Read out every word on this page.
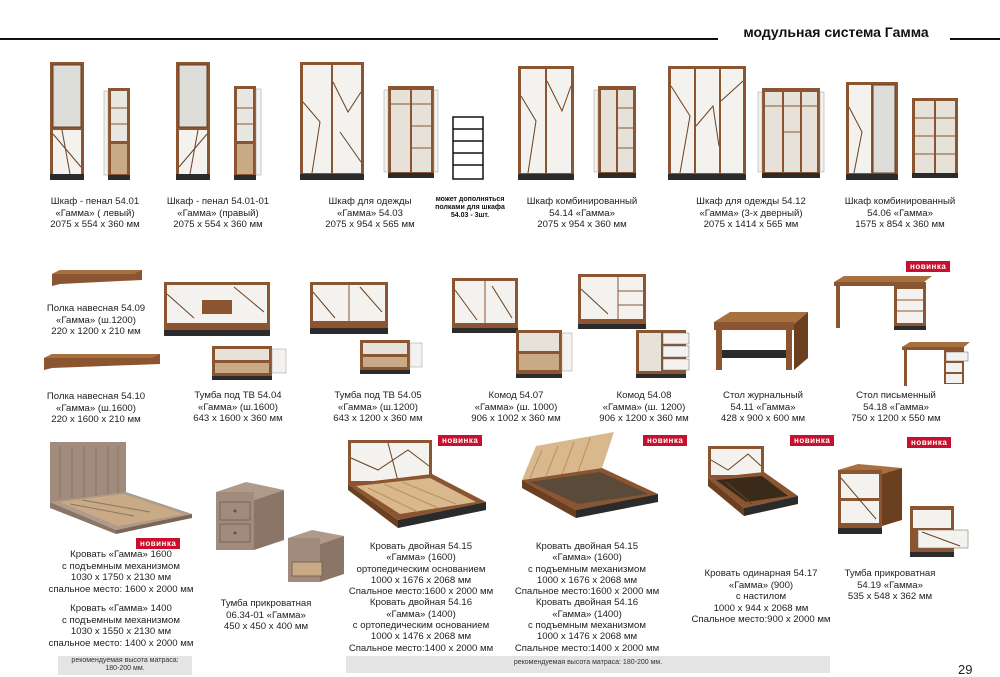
модульная система Гамма
Шкаф - пенал 54.01
«Гамма» ( левый)
2075 x 554 x 360 мм
Шкаф - пенал 54.01-01
«Гамма» (правый)
2075 x 554 x 360 мм
Шкаф для одежды
«Гамма» 54.03
2075 x 954 x 565 мм
может дополняться
полками для шкафа
54.03 - 3шт.
Шкаф комбинированный
54.14 «Гамма»
2075 x 954 x 360 мм
Шкаф для одежды 54.12
«Гамма» (3-х дверный)
2075 x 1414 x 565 мм
Шкаф комбинированный
54.06 «Гамма»
1575 x 854 x 360 мм
новинка
Полка навесная 54.09
«Гамма» (ш.1200)
220 x 1200 x 210 мм
Полка навесная 54.10
«Гамма» (ш.1600)
220 x 1600 x 210 мм
Тумба под ТВ 54.04
«Гамма» (ш.1600)
643 x 1600 x 360 мм
Тумба под ТВ 54.05
«Гамма» (ш.1200)
643 x 1200 x 360 мм
Комод 54.07
«Гамма» (ш. 1000)
906 x 1002 x 360 мм
Комод 54.08
«Гамма» (ш. 1200)
906 x 1200 x 360 мм
Стол журнальный
54.11 «Гамма»
428 x 900 x 600 мм
Стол письменный
54.18 «Гамма»
750 x 1200 x 550 мм
новинка
новинка	новинка	новинка	новинка
Кровать «Гамма» 1600
с подъемным механизмом
1030 x 1750 x 2130 мм
спальное место: 1600 x 2000 мм
Кровать «Гамма» 1400
с подъемным механизмом
1030 x 1550 x 2130 мм
спальное место: 1400 x 2000 мм
Тумба прикроватная
06.34-01 «Гамма»
450 x 450 x 400 мм
Кровать двойная 54.15
«Гамма» (1600)
ортопедическим основанием
1000 x 1676 x 2068 мм
Спальное место:1600 x 2000 мм
Кровать двойная 54.16
«Гамма» (1400)
с ортопедическим основанием
1000 x 1476 x 2068 мм
Спальное место:1400 x 2000 мм
Кровать двойная 54.15
«Гамма» (1600)
с подъемным механизмом
1000 x 1676 x 2068 мм
Спальное место:1600 x 2000 мм
Кровать двойная 54.16
«Гамма» (1400)
с подъемным механизмом
1000 x 1476 x 2068 мм
Спальное место:1400 x 2000 мм
Кровать одинарная 54.17
«Гамма» (900)
с настилом
1000 x 944 x 2068 мм
Спальное место:900 x 2000 мм
Тумба прикроватная
54.19 «Гамма»
535 x 548 x 362 мм
рекомендуемая высота матраса:
180-200 мм.
рекомендуемая высота матраса: 180-200 мм.	29
